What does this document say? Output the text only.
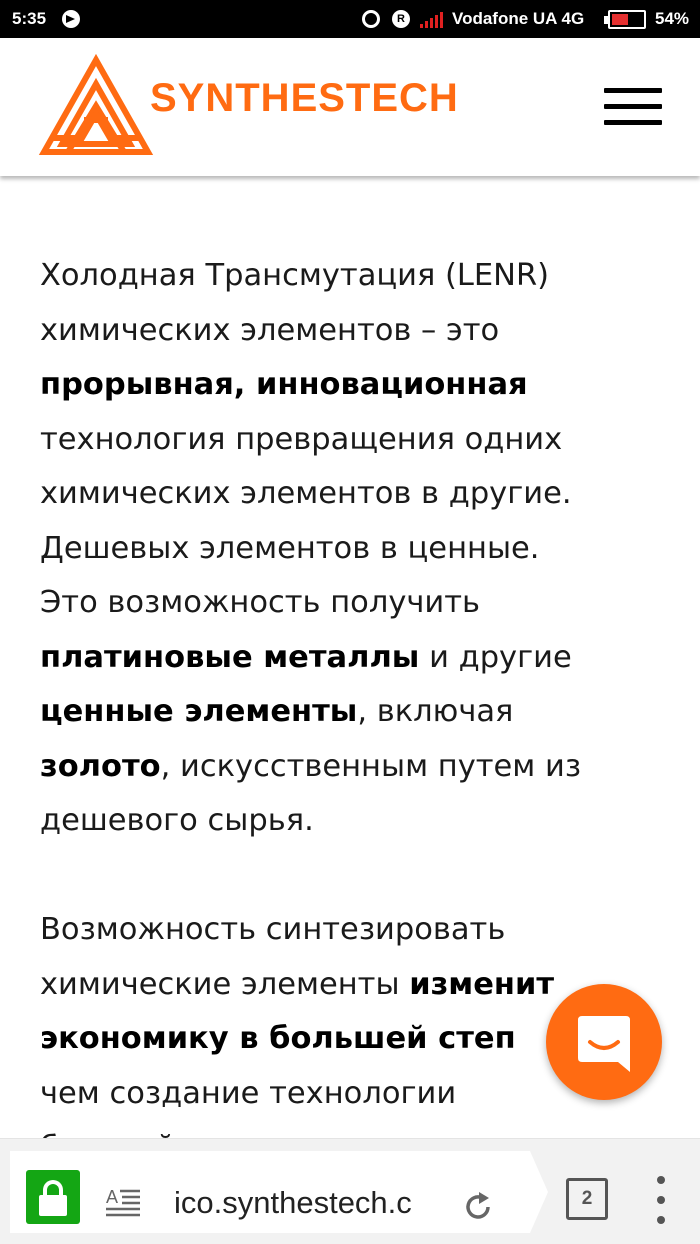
5:35	R	Vodafone UA 4G	54%
SYNTHESTECH
Холодная Трансмутация (LENR)
химических элементов – это
прорывная, инновационная
технология превращения одних
химических элементов в другие.
Дешевых элементов в ценные.
Это возможность получить
платиновые металлы и другие
ценные элементы, включая
золото, искусственным путем из
дешевого сырья.
Возможность синтезировать
химические элементы изменит
экономику в большей степ
чем создание технологии
A ico.synthestech.c	2
